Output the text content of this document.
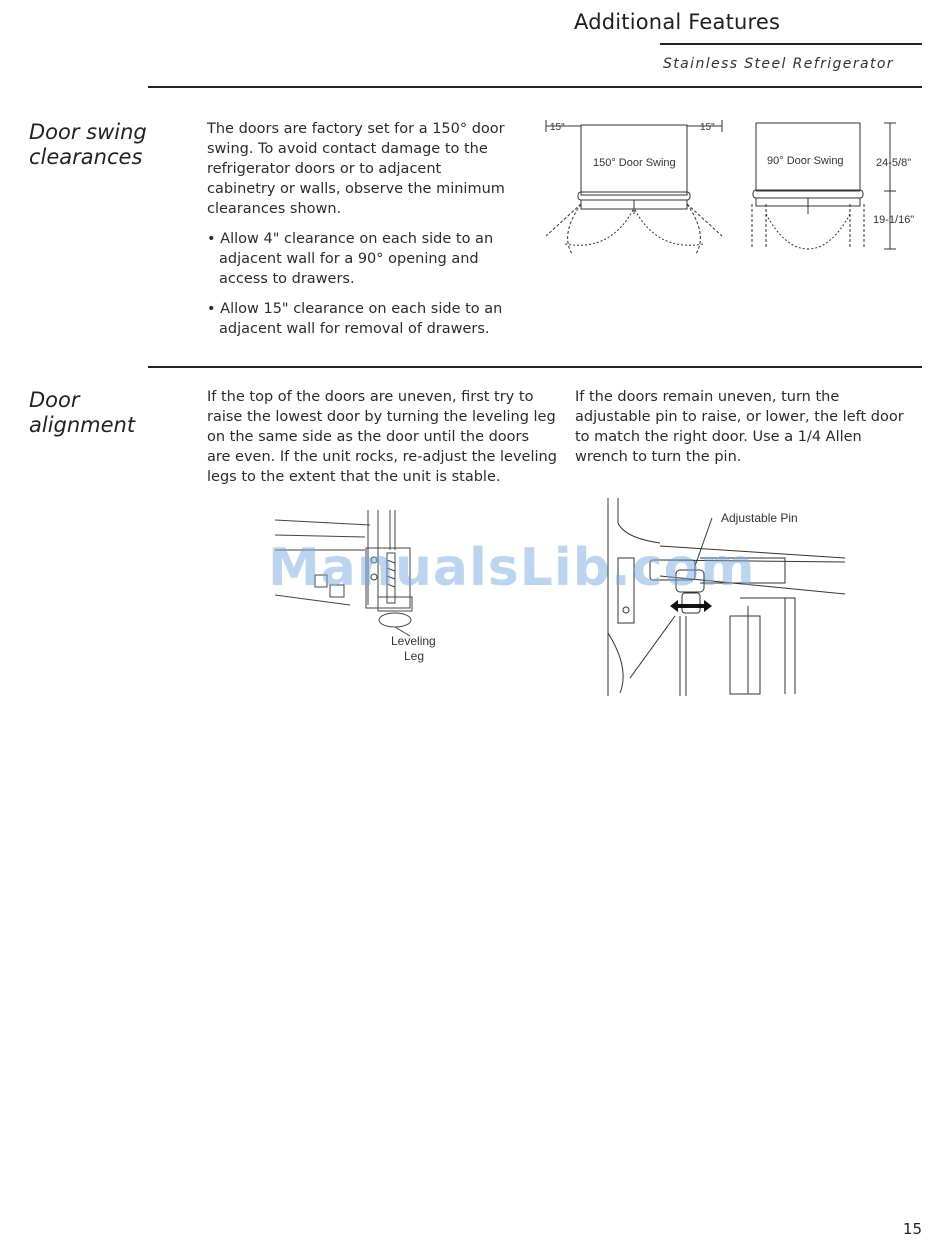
Additional Features
Stainless Steel Refrigerator
Door swing
clearances

The doors are factory set for a 150° door swing. To avoid contact damage to the refrigerator doors or to adjacent cabinetry or walls, observe the minimum clearances shown.

• Allow 4" clearance on each side to an adjacent wall for a 90° opening and access to drawers.

• Allow 15" clearance on each side to an adjacent wall for removal of drawers.

15"	15"
150° Door Swing	90° Door Swing	24-5/8"
19-1/16"
Door
alignment
If the top of the doors are uneven, first try to raise the lowest door by turning the leveling leg on the same side as the door until the doors are even. If the unit rocks, re-adjust the leveling legs to the extent that the unit is stable.
If the doors remain uneven, turn the adjustable pin to raise, or lower, the left door to match the right door. Use a 1/4 Allen wrench to turn the pin.
Leveling
Leg
Adjustable Pin
ManualsLib.com
15
